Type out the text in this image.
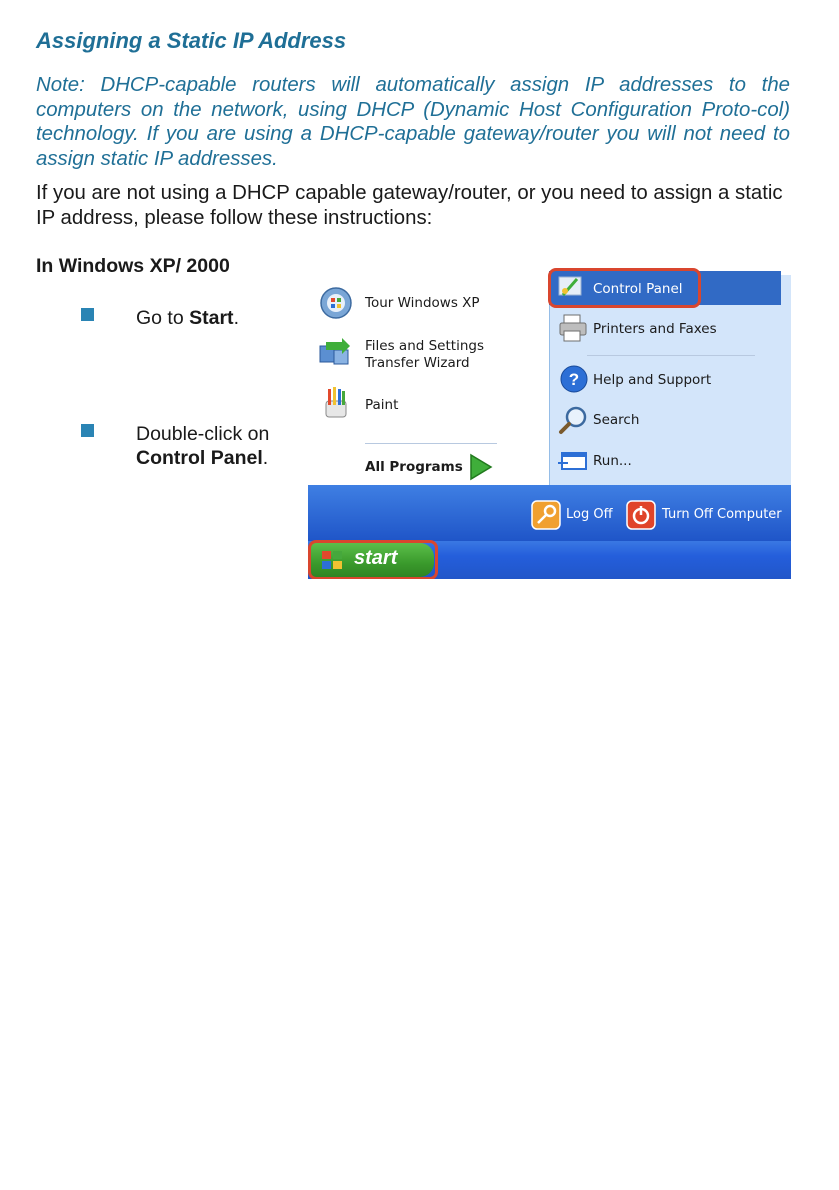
Assigning a Static IP Address
Note: DHCP-capable routers will automatically assign IP addresses to the computers on the network, using DHCP (Dynamic Host Configuration Proto-col) technology. If you are using a DHCP-capable gateway/router you will not need to assign static IP addresses.
If you are not using a DHCP capable gateway/router, or you need to assign a static IP address, please follow these instructions:
In Windows XP/ 2000
Go to Start.
Double-click on
Control Panel.
Tour Windows XP
Files and Settings Transfer Wizard
Paint
All Programs
Control Panel
Printers and Faxes
? Help and Support
Search
Run...
Log Off	Turn Off Computer
start
